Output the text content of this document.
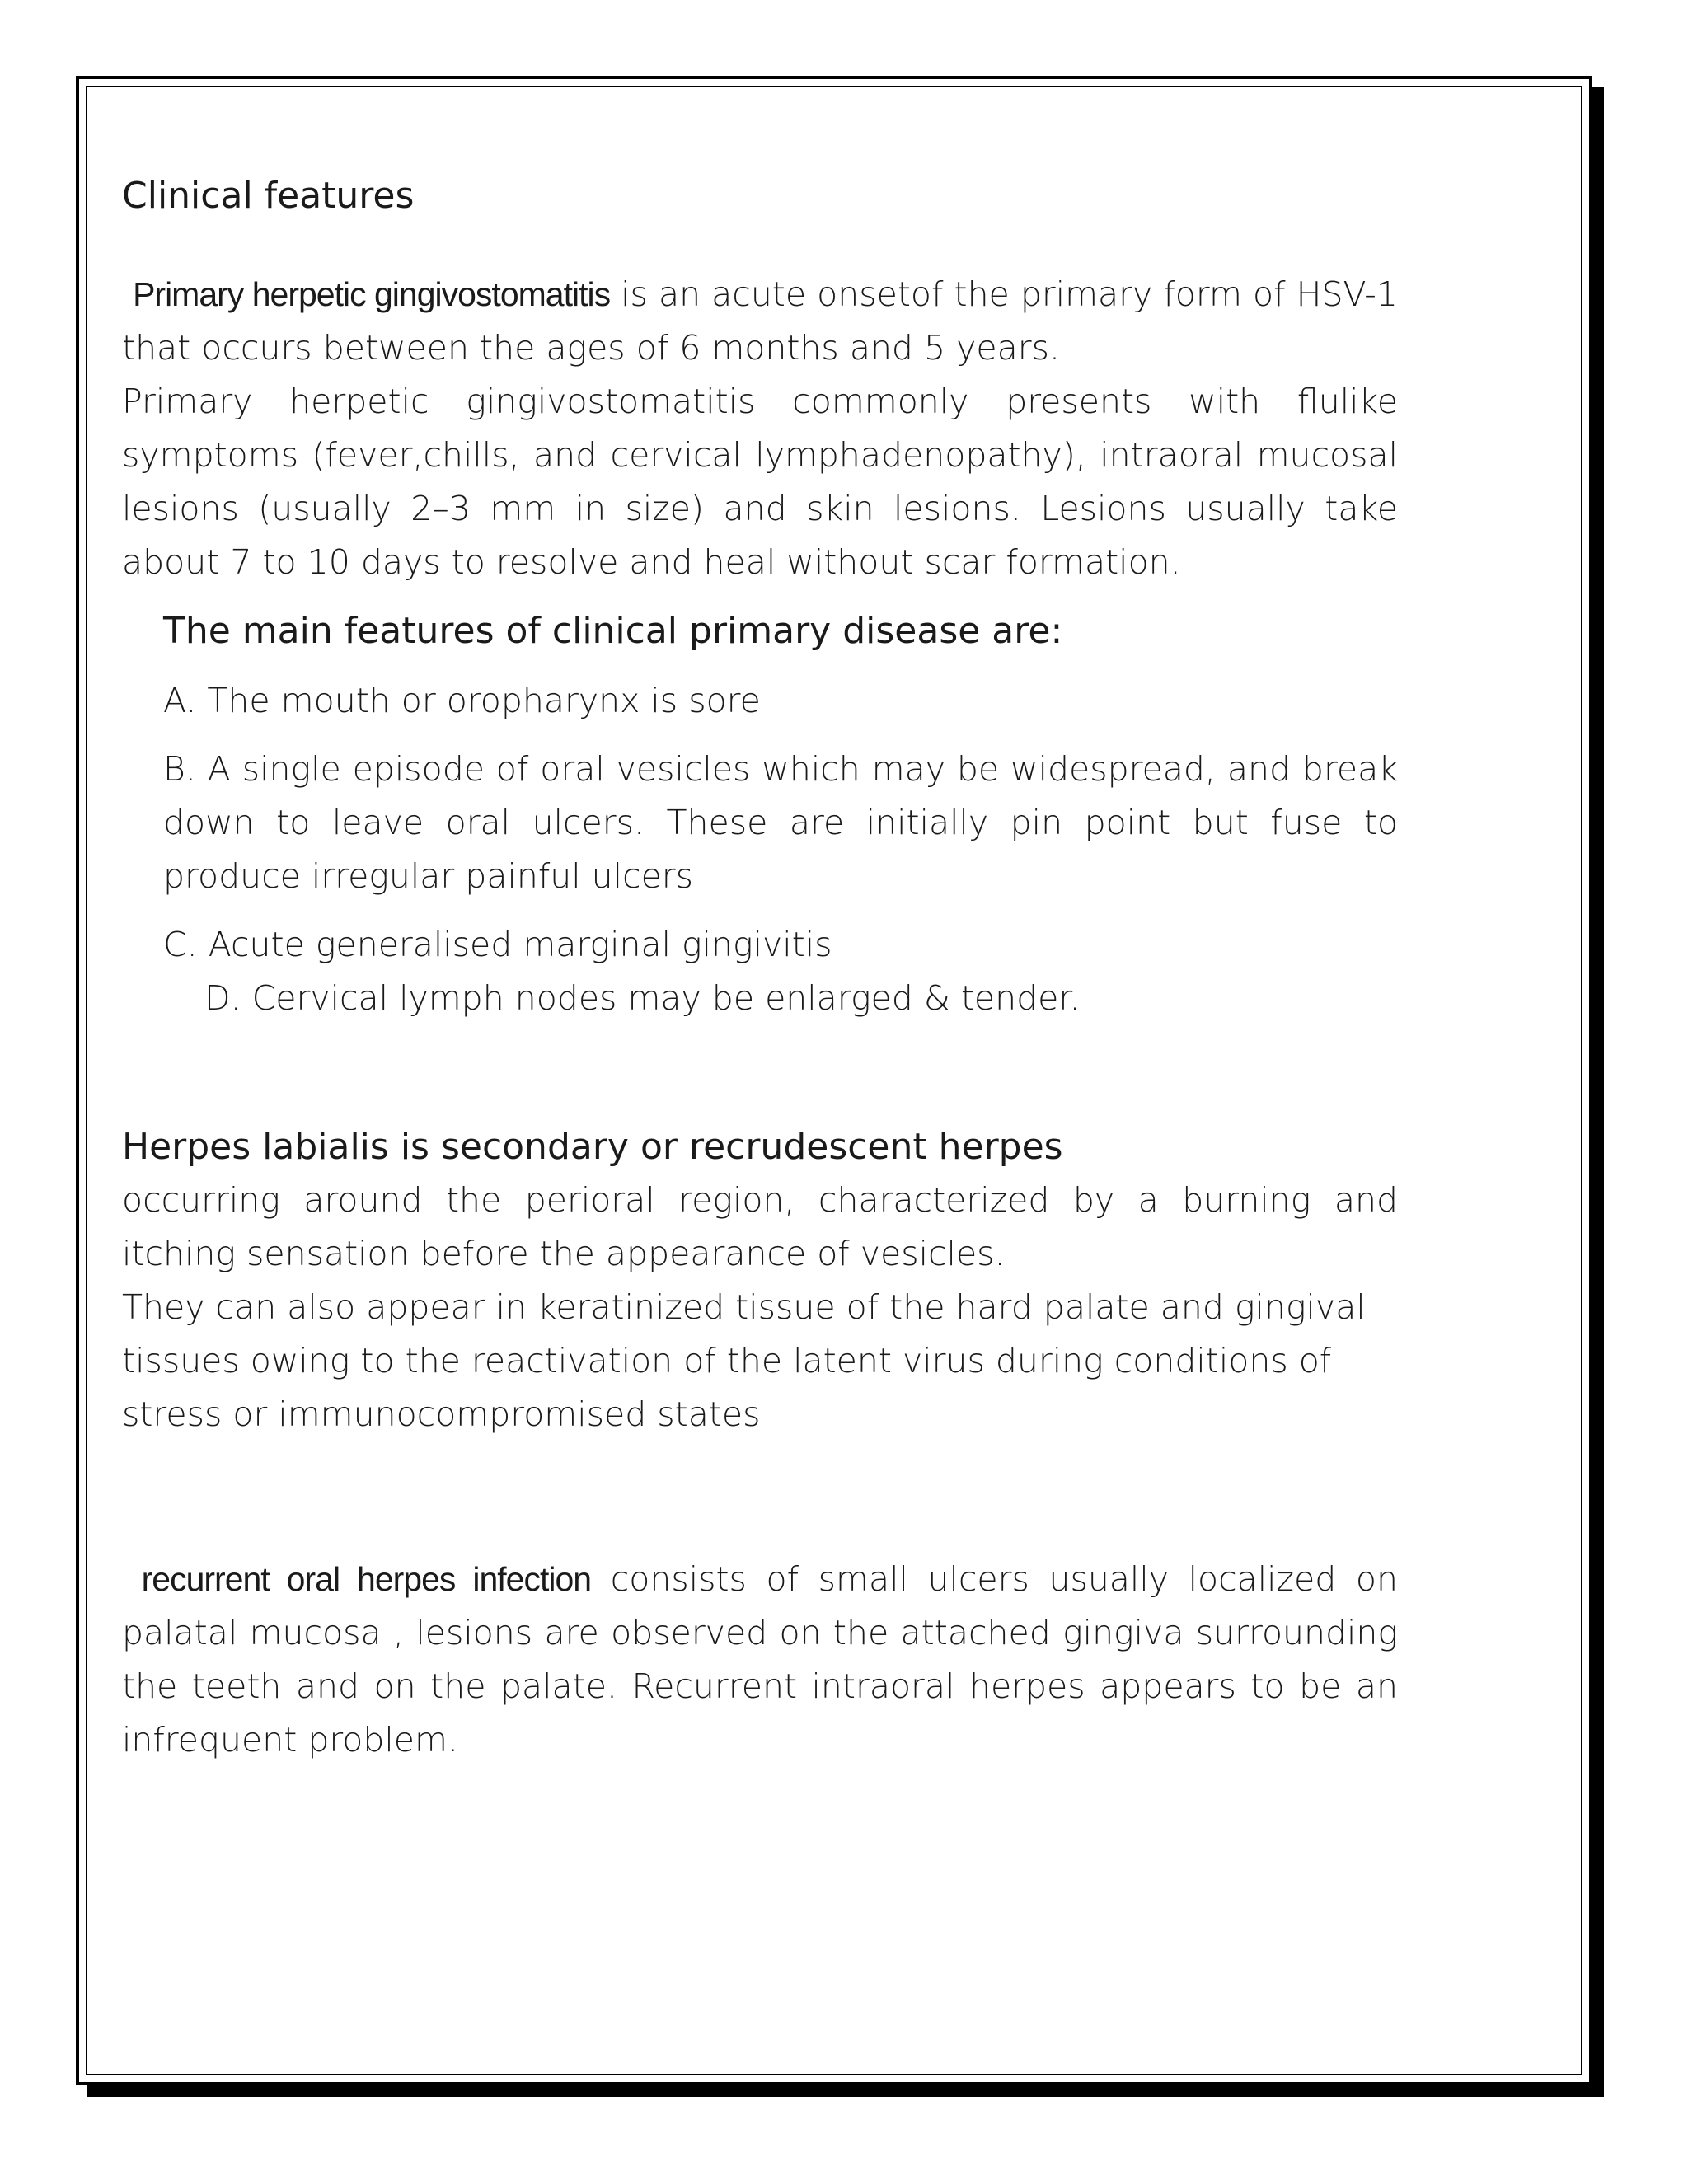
Clinical features

Primary herpetic gingivostomatitis is an acute onsetof the primary form of HSV-1 that occurs between the ages of 6 months and 5 years.

Primary herpetic gingivostomatitis commonly presents with flulike symptoms (fever,chills, and cervical lymphadenopathy), intraoral mucosal lesions (usually 2–3 mm in size) and skin lesions. Lesions usually take about 7 to 10 days to resolve and heal without scar formation.

The main features of clinical primary disease are:

A. The mouth or oropharynx is sore

B. A single episode of oral vesicles which may be widespread, and break down to leave oral ulcers. These are initially pin point but fuse to produce irregular painful ulcers

C. Acute generalised marginal gingivitis

D. Cervical lymph nodes may be enlarged & tender.

Herpes labialis is secondary or recrudescent herpes

occurring around the perioral region, characterized by a burning and itching sensation before the appearance of vesicles.

They can also appear in keratinized tissue of the hard palate and gingival tissues owing to the reactivation of the latent virus during conditions of stress or immunocompromised states

recurrent oral herpes infection consists of small ulcers usually localized on palatal mucosa , lesions are observed on the attached gingiva surrounding the teeth and on the palate. Recurrent intraoral herpes appears to be an infrequent problem.
